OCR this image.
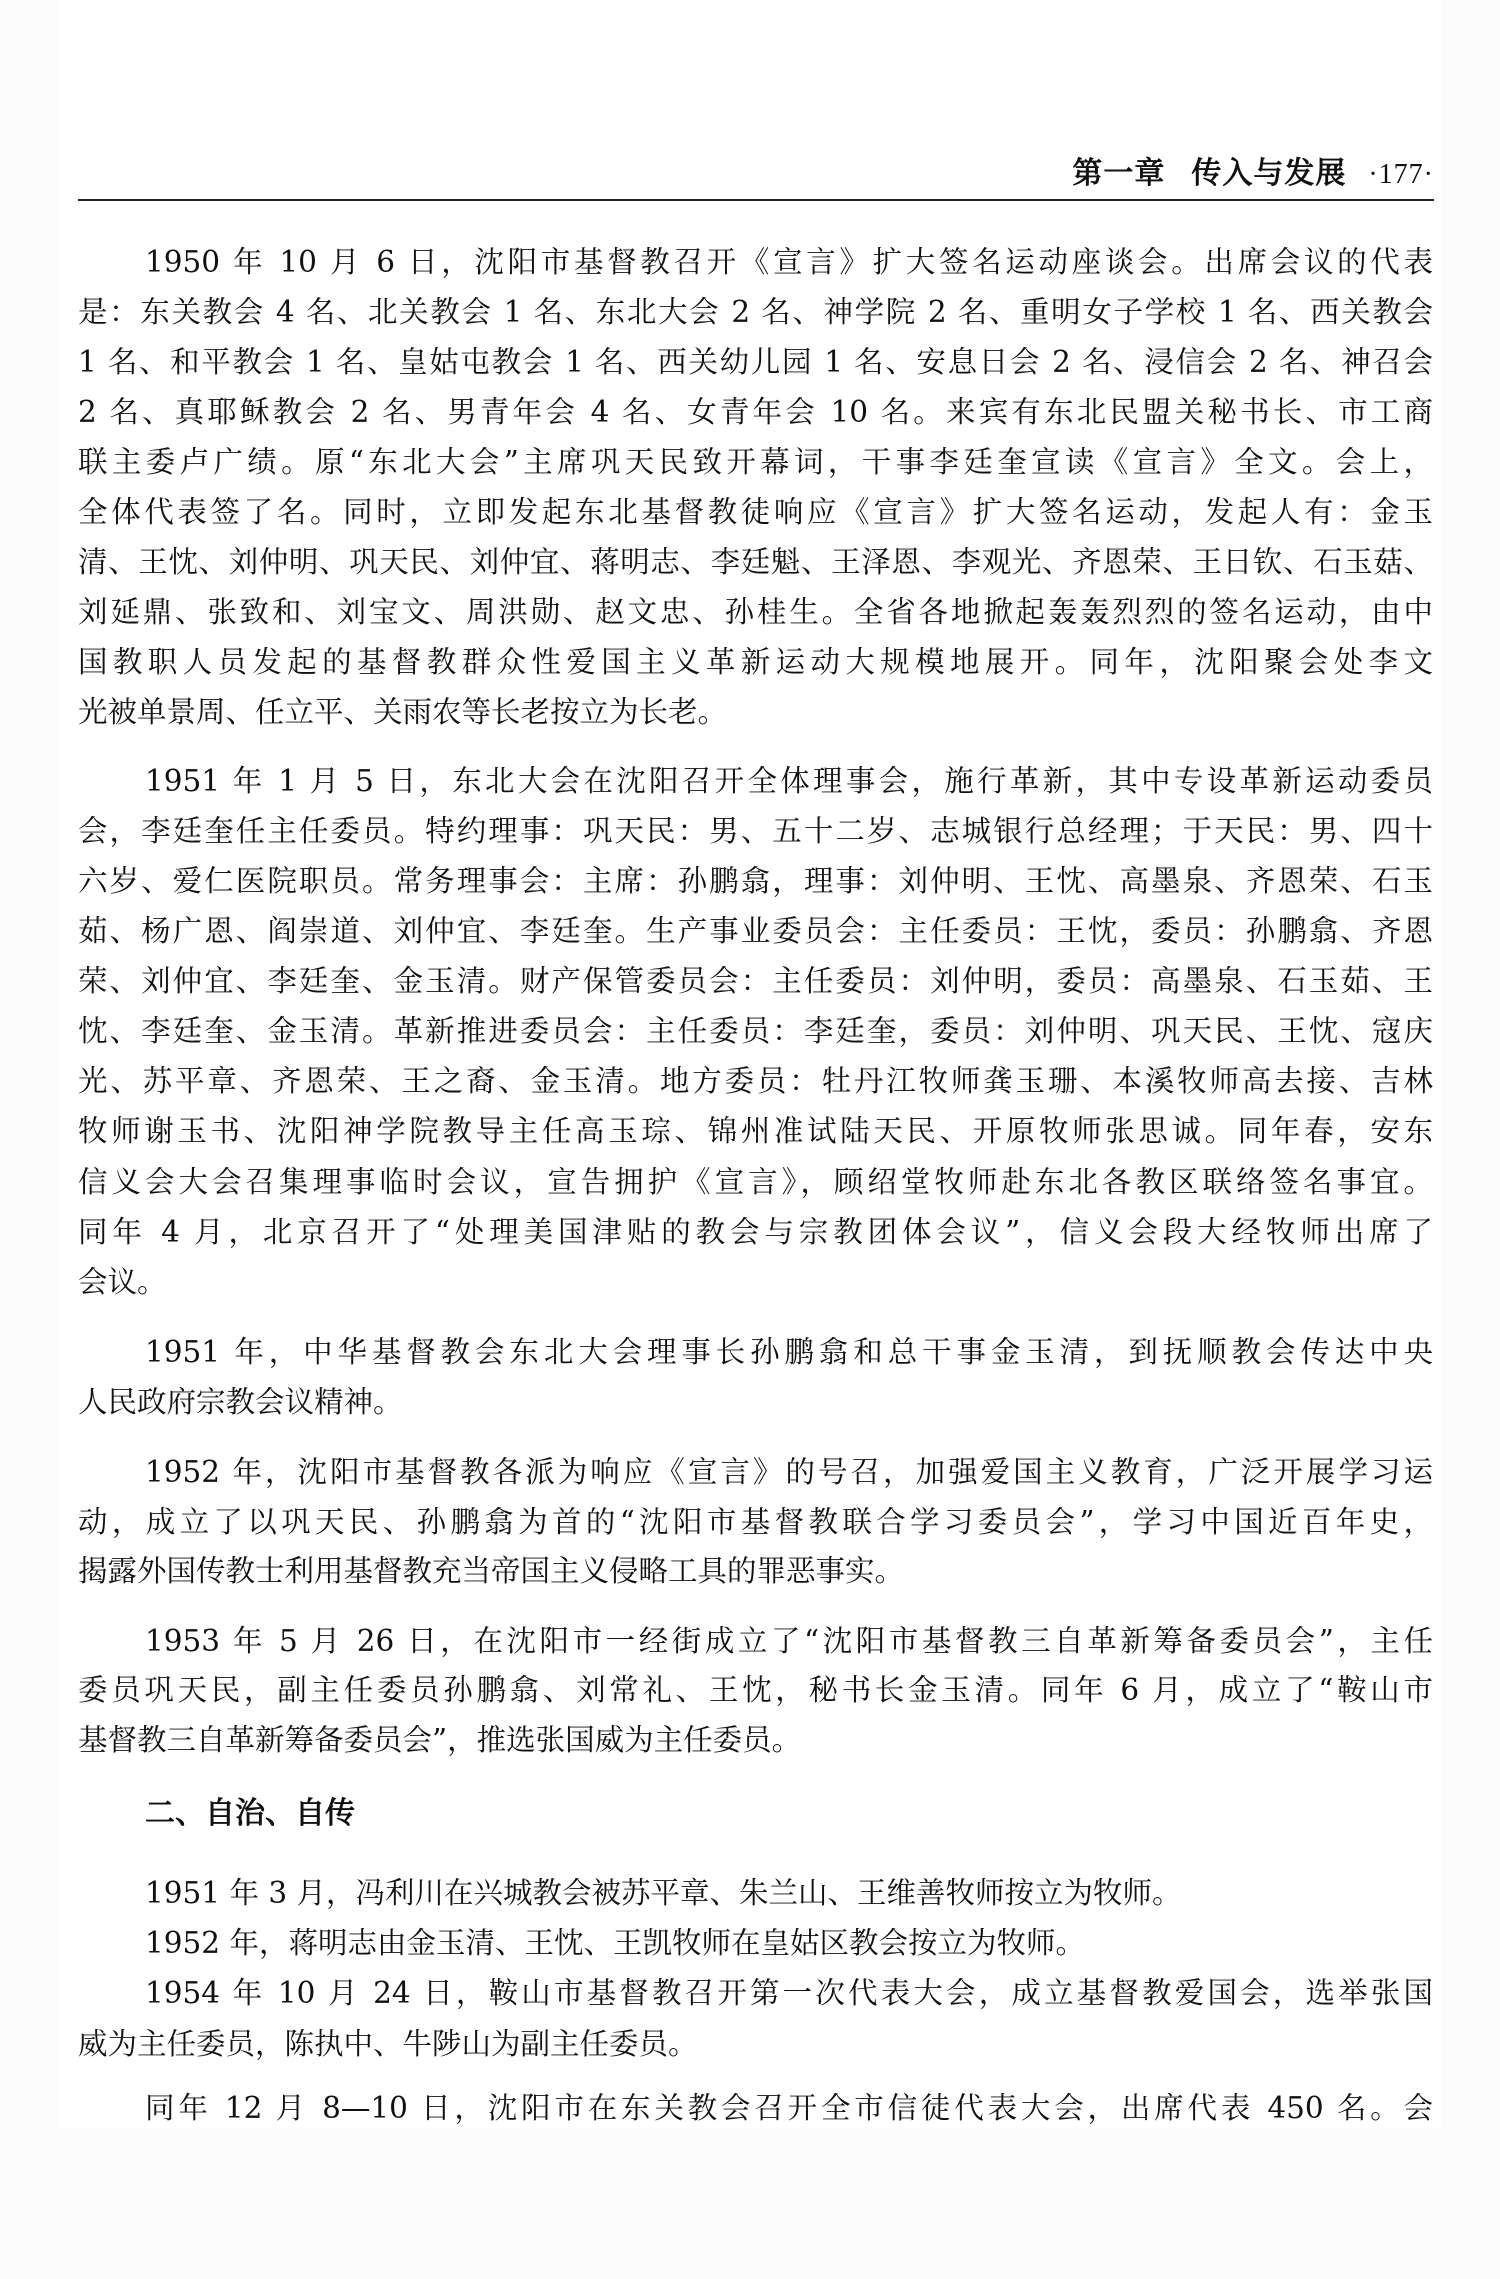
第一章 传入与发展 ·177·
1950 年 10 月 6 日，沈阳市基督教召开《宣言》扩大签名运动座谈会。出席会议的代表
是：东关教会 4 名、北关教会 1 名、东北大会 2 名、神学院 2 名、重明女子学校 1 名、西关教会
1 名、和平教会 1 名、皇姑屯教会 1 名、西关幼儿园 1 名、安息日会 2 名、浸信会 2 名、神召会
2 名、真耶稣教会 2 名、男青年会 4 名、女青年会 10 名。来宾有东北民盟关秘书长、市工商
联主委卢广绩。原“东北大会”主席巩天民致开幕词，干事李廷奎宣读《宣言》全文。会上，
全体代表签了名。同时，立即发起东北基督教徒响应《宣言》扩大签名运动，发起人有：金玉
清、王忱、刘仲明、巩天民、刘仲宜、蒋明志、李廷魁、王泽恩、李观光、齐恩荣、王日钦、石玉菇、
刘延鼎、张致和、刘宝文、周洪勋、赵文忠、孙桂生。全省各地掀起轰轰烈烈的签名运动，由中
国教职人员发起的基督教群众性爱国主义革新运动大规模地展开。同年，沈阳聚会处李文
光被单景周、任立平、关雨农等长老按立为长老。
1951 年 1 月 5 日，东北大会在沈阳召开全体理事会，施行革新，其中专设革新运动委员
会，李廷奎任主任委员。特约理事：巩天民：男、五十二岁、志城银行总经理；于天民：男、四十
六岁、爱仁医院职员。常务理事会：主席：孙鹏翕，理事：刘仲明、王忱、高墨泉、齐恩荣、石玉
茹、杨广恩、阎崇道、刘仲宜、李廷奎。生产事业委员会：主任委员：王忱，委员：孙鹏翕、齐恩
荣、刘仲宜、李廷奎、金玉清。财产保管委员会：主任委员：刘仲明，委员：高墨泉、石玉茹、王
忱、李廷奎、金玉清。革新推进委员会：主任委员：李廷奎，委员：刘仲明、巩天民、王忱、寇庆
光、苏平章、齐恩荣、王之裔、金玉清。地方委员：牡丹江牧师龚玉珊、本溪牧师高去接、吉林
牧师谢玉书、沈阳神学院教导主任高玉琮、锦州准试陆天民、开原牧师张思诚。同年春，安东
信义会大会召集理事临时会议，宣告拥护《宣言》，顾绍堂牧师赴东北各教区联络签名事宜。
同年 4 月，北京召开了“处理美国津贴的教会与宗教团体会议”，信义会段大经牧师出席了
会议。
1951 年，中华基督教会东北大会理事长孙鹏翕和总干事金玉清，到抚顺教会传达中央
人民政府宗教会议精神。
1952 年，沈阳市基督教各派为响应《宣言》的号召，加强爱国主义教育，广泛开展学习运
动，成立了以巩天民、孙鹏翕为首的“沈阳市基督教联合学习委员会”，学习中国近百年史，
揭露外国传教士利用基督教充当帝国主义侵略工具的罪恶事实。
1953 年 5 月 26 日，在沈阳市一经街成立了“沈阳市基督教三自革新筹备委员会”，主任
委员巩天民，副主任委员孙鹏翕、刘常礼、王忱，秘书长金玉清。同年 6 月，成立了“鞍山市
基督教三自革新筹备委员会”，推选张国威为主任委员。
二、自治、自传
1951 年 3 月，冯利川在兴城教会被苏平章、朱兰山、王维善牧师按立为牧师。
1952 年，蒋明志由金玉清、王忱、王凯牧师在皇姑区教会按立为牧师。
1954 年 10 月 24 日，鞍山市基督教召开第一次代表大会，成立基督教爱国会，选举张国
威为主任委员，陈执中、牛陟山为副主任委员。
同年 12 月 8—10 日，沈阳市在东关教会召开全市信徒代表大会，出席代表 450 名。会
